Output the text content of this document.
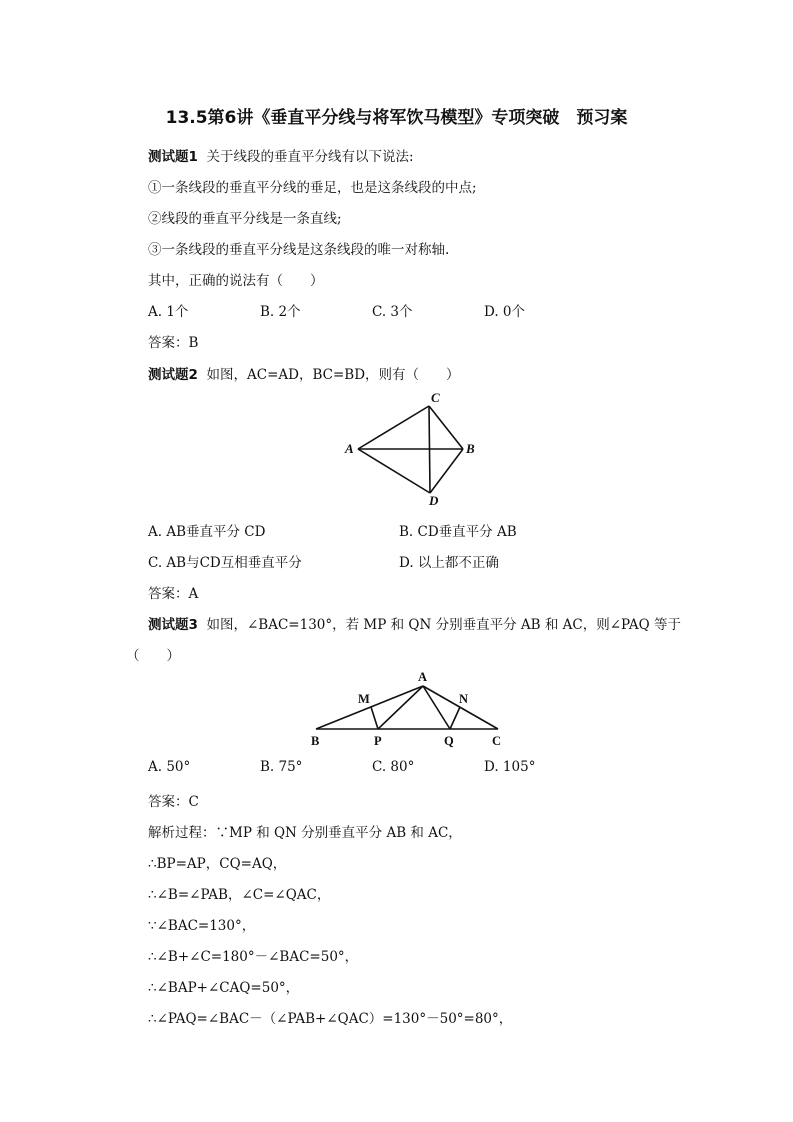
13.5第6讲《垂直平分线与将军饮马模型》专项突破　预习案
测试题1 关于线段的垂直平分线有以下说法:
①一条线段的垂直平分线的垂足，也是这条线段的中点;
②线段的垂直平分线是一条直线;
③一条线段的垂直平分线是这条线段的唯一对称轴.
其中，正确的说法有（　　）
A. 1个	B. 2个	C. 3个	D. 0个
答案：B
测试题2 如图，AC=AD，BC=BD，则有（　　）
C
A	B
D
A. AB垂直平分 CD	B. CD垂直平分 AB
C. AB与CD互相垂直平分	D. 以上都不正确
答案：A
测试题3 如图，∠BAC=130°，若 MP 和 QN 分别垂直平分 AB 和 AC，则∠PAQ 等于
（　　）
A
M	N
B	P	Q	C
A. 50°	B. 75°	C. 80°	D. 105°
答案：C
解析过程：∵MP 和 QN 分别垂直平分 AB 和 AC，
∴BP=AP，CQ=AQ，
∴∠B=∠PAB，∠C=∠QAC，
∵∠BAC=130°，
∴∠B+∠C=180°－∠BAC=50°，
∴∠BAP+∠CAQ=50°，
∴∠PAQ=∠BAC－（∠PAB+∠QAC）=130°－50°=80°，
